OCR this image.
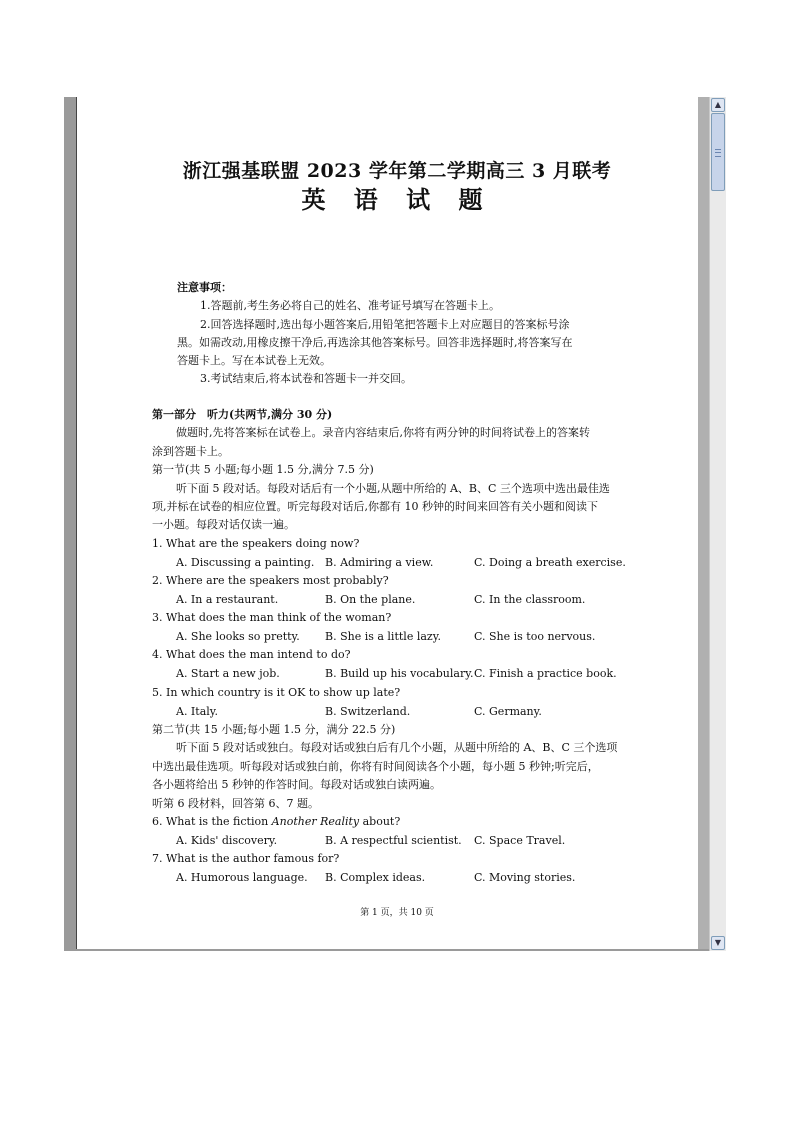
▲
▼
浙江强基联盟 2023 学年第二学期高三 3 月联考
英 语 试 题
注意事项：
1.答题前,考生务必将自己的姓名、准考证号填写在答题卡上。
2.回答选择题时,选出每小题答案后,用铅笔把答题卡上对应题目的答案标号涂
黑。如需改动,用橡皮擦干净后,再选涂其他答案标号。回答非选择题时,将答案写在
答题卡上。写在本试卷上无效。
3.考试结束后,将本试卷和答题卡一并交回。
第一部分　听力(共两节,满分 30 分)
做题时,先将答案标在试卷上。录音内容结束后,你将有两分钟的时间将试卷上的答案转
涂到答题卡上。
第一节(共 5 小题;每小题 1.5 分,满分 7.5 分)
听下面 5 段对话。每段对话后有一个小题,从题中所给的 A、B、C 三个选项中选出最佳选
项,并标在试卷的相应位置。听完每段对话后,你都有 10 秒钟的时间来回答有关小题和阅读下
一小题。每段对话仅读一遍。
1. What are the speakers doing now?
A. Discussing a painting. B. Admiring a view.	C. Doing a breath exercise.
2. Where are the speakers most probably?
A. In a restaurant.	B. On the plane.	C. In the classroom.
3. What does the man think of the woman?
A. She looks so pretty. B. She is a little lazy.	C. She is too nervous.
4. What does the man intend to do?
A. Start a new job.	B. Build up his vocabulary. C. Finish a practice book.
5. In which country is it OK to show up late?
A. Italy.	B. Switzerland.	C. Germany.
第二节(共 15 小题;每小题 1.5 分，满分 22.5 分)
听下面 5 段对话或独白。每段对话或独白后有几个小题，从题中所给的 A、B、C 三个选项
中选出最佳选项。听每段对话或独白前，你将有时间阅读各个小题，每小题 5 秒钟;听完后，
各小题将给出 5 秒钟的作答时间。每段对话或独白读两遍。
听第 6 段材料，回答第 6、7 题。
6. What is the fiction Another Reality about?
A. Kids' discovery.	B. A respectful scientist. C. Space Travel.
7. What is the author famous for?
A. Humorous language. B. Complex ideas.	C. Moving stories.
第 1 页，共 10 页
